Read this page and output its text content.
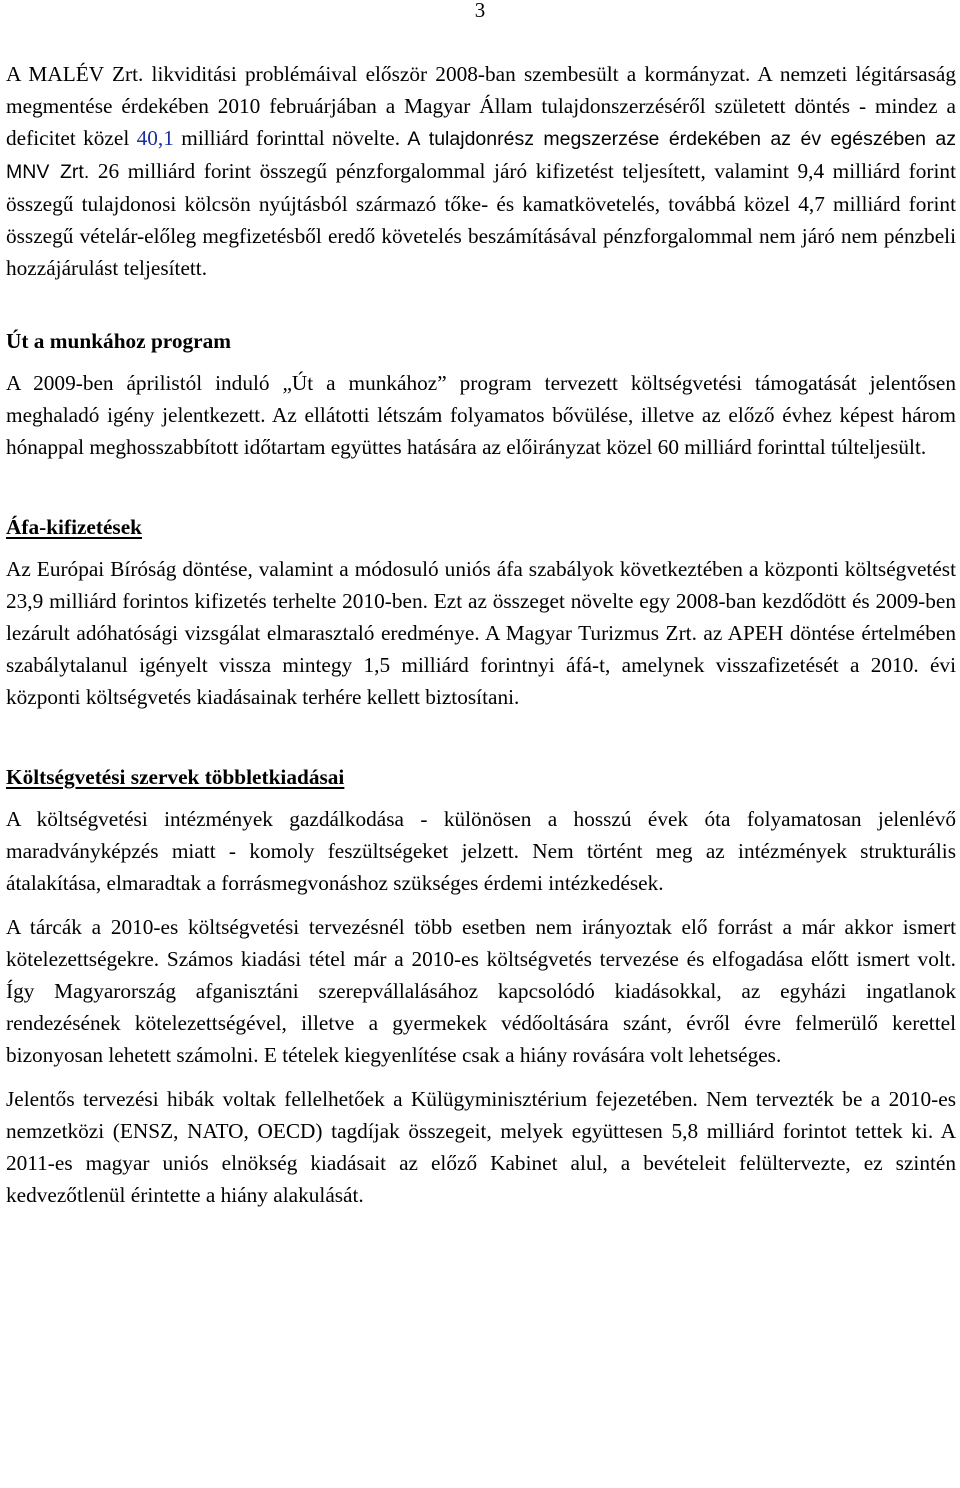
3

A MALÉV Zrt. likviditási problémáival először 2008-ban szembesült a kormányzat. A nemzeti légitársaság megmentése érdekében 2010 februárjában a Magyar Állam tulajdonszerzéséről született döntés - mindez a deficitet közel 40,1 milliárd forinttal növelte. A tulajdonrész megszerzése érdekében az év egészében az MNV Zrt. 26 milliárd forint összegű pénzforgalommal járó kifizetést teljesített, valamint 9,4 milliárd forint összegű tulajdonosi kölcsön nyújtásból származó tőke- és kamatkövetelés, továbbá közel 4,7 milliárd forint összegű vételár-előleg megfizetésből eredő követelés beszámításával pénzforgalommal nem járó nem pénzbeli hozzájárulást teljesített.

Út a munkához program

A 2009-ben áprilistól induló „Út a munkához” program tervezett költségvetési támogatását jelentősen meghaladó igény jelentkezett. Az ellátotti létszám folyamatos bővülése, illetve az előző évhez képest három hónappal meghosszabbított időtartam együttes hatására az előirányzat közel 60 milliárd forinttal túlteljesült.

Áfa-kifizetések

Az Európai Bíróság döntése, valamint a módosuló uniós áfa szabályok következtében a központi költségvetést 23,9 milliárd forintos kifizetés terhelte 2010-ben. Ezt az összeget növelte egy 2008-ban kezdődött és 2009-ben lezárult adóhatósági vizsgálat elmarasztaló eredménye. A Magyar Turizmus Zrt. az APEH döntése értelmében szabálytalanul igényelt vissza mintegy 1,5 milliárd forintnyi áfá-t, amelynek visszafizetését a 2010. évi központi költségvetés kiadásainak terhére kellett biztosítani.

Költségvetési szervek többletkiadásai

A költségvetési intézmények gazdálkodása - különösen a hosszú évek óta folyamatosan jelenlévő maradványképzés miatt - komoly feszültségeket jelzett. Nem történt meg az intézmények strukturális átalakítása, elmaradtak a forrásmegvonáshoz szükséges érdemi intézkedések.

A tárcák a 2010-es költségvetési tervezésnél több esetben nem irányoztak elő forrást a már akkor ismert kötelezettségekre. Számos kiadási tétel már a 2010-es költségvetés tervezése és elfogadása előtt ismert volt. Így Magyarország afganisztáni szerepvállalásához kapcsolódó kiadásokkal, az egyházi ingatlanok rendezésének kötelezettségével, illetve a gyermekek védőoltására szánt, évről évre felmerülő kerettel bizonyosan lehetett számolni. E tételek kiegyenlítése csak a hiány rovására volt lehetséges.

Jelentős tervezési hibák voltak fellelhetőek a Külügyminisztérium fejezetében. Nem tervezték be a 2010-es nemzetközi (ENSZ, NATO, OECD) tagdíjak összegeit, melyek együttesen 5,8 milliárd forintot tettek ki. A 2011-es magyar uniós elnökség kiadásait az előző Kabinet alul, a bevételeit felültervezte, ez szintén kedvezőtlenül érintette a hiány alakulását.
